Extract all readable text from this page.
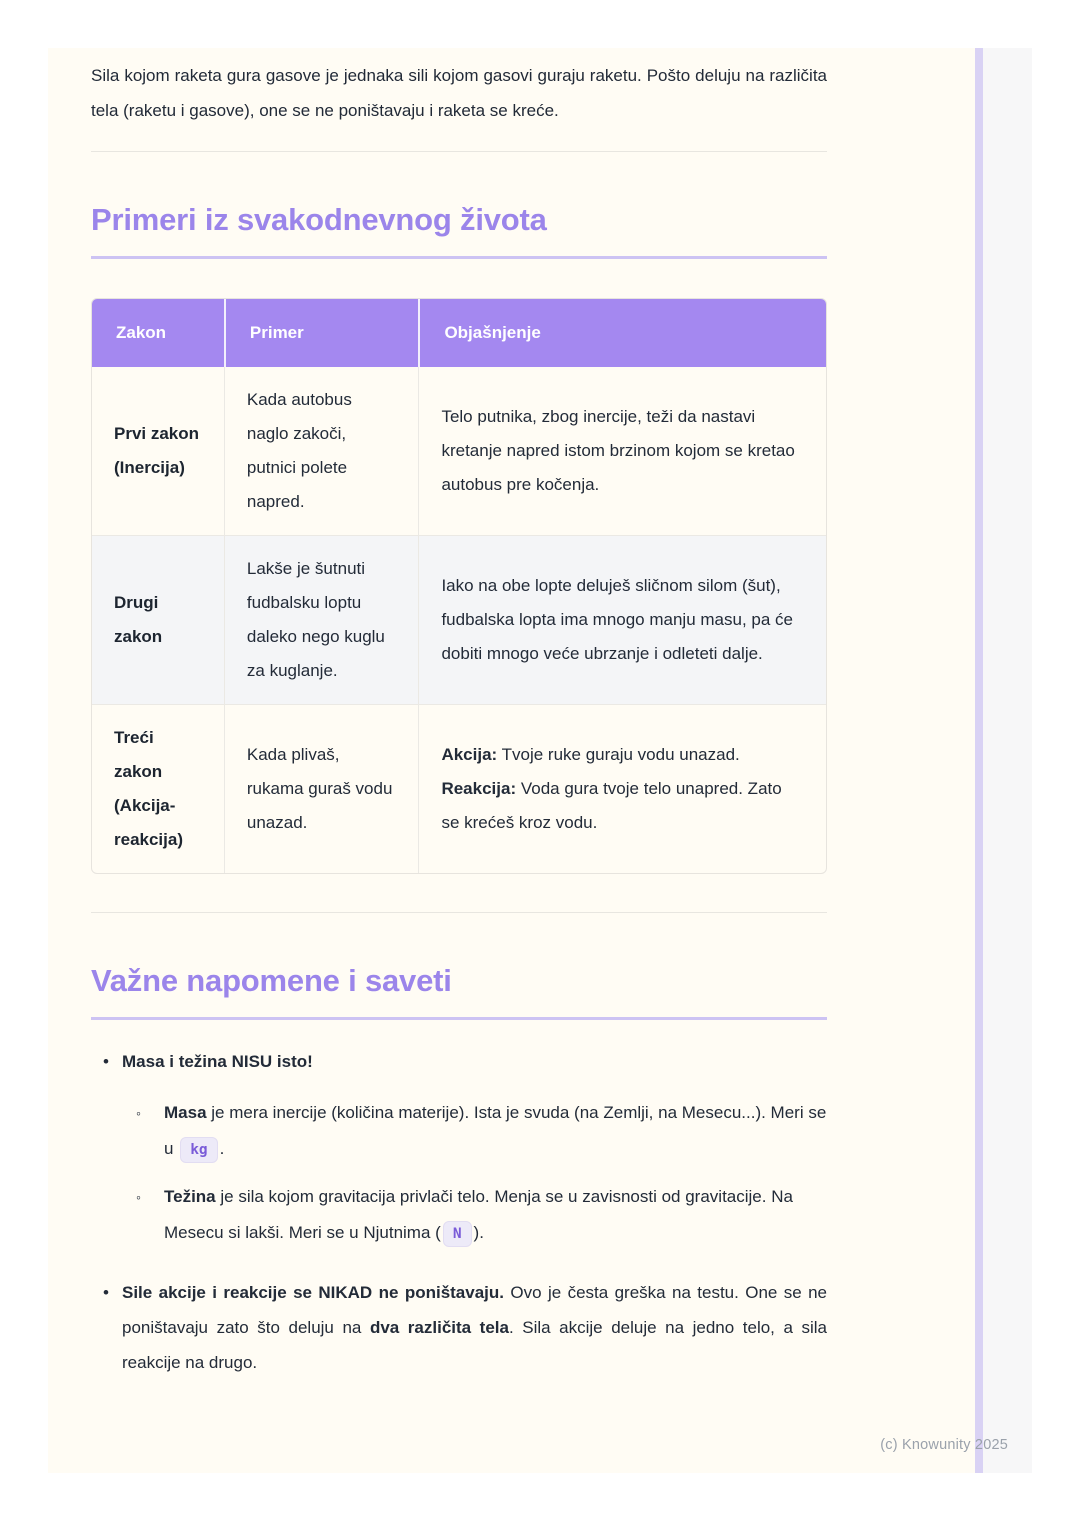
Sila kojom raketa gura gasove je jednaka sili kojom gasovi guraju raketu. Pošto deluju na različita tela (raketu i gasove), one se ne poništavaju i raketa se kreće.

Primeri iz svakodnevnog života
Zakon	Primer	Objašnjenje
Prvi zakon (Inercija)	Kada autobus naglo zakoči, putnici polete napred.	Telo putnika, zbog inercije, teži da nastavi kretanje napred istom brzinom kojom se kretao autobus pre kočenja.
Drugi zakon	Lakše je šutnuti fudbalsku loptu daleko nego kuglu za kuglanje.	Iako na obe lopte deluješ sličnom silom (šut), fudbalska lopta ima mnogo manju masu, pa će dobiti mnogo veće ubrzanje i odleteti dalje.
Treći zakon (Akcija-reakcija)	Kada plivaš, rukama guraš vodu unazad.	Akcija: Tvoje ruke guraju vodu unazad. Reakcija: Voda gura tvoje telo unapred. Zato se krećeš kroz vodu.
Važne napomene i saveti
• Masa i težina NISU isto!
◦	Masa je mera inercije (količina materije). Ista je svuda (na Zemlji, na Mesecu...). Meri se u kg .
◦	Težina je sila kojom gravitacija privlači telo. Menja se u zavisnosti od gravitacije. Na Mesecu si lakši. Meri se u Njutnima ( N ).
• Sile akcije i reakcije se NIKAD ne poništavaju. Ovo je česta greška na testu. One se ne poništavaju zato što deluju na dva različita tela. Sila akcije deluje na jedno telo, a sila reakcije na drugo.
(c) Knowunity 2025
